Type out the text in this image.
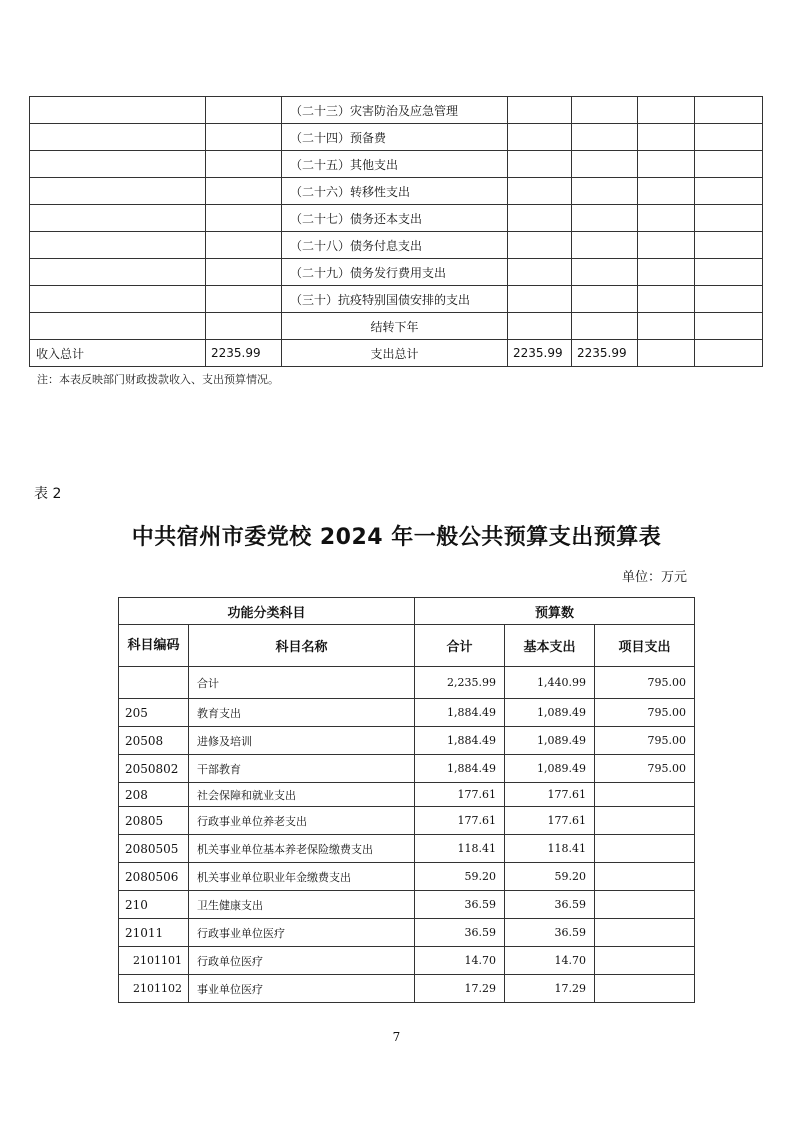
		（二十三）灾害防治及应急管理				
		（二十四）预备费				
		（二十五）其他支出				
		（二十六）转移性支出				
		（二十七）债务还本支出				
		（二十八）债务付息支出				
		（二十九）债务发行费用支出				
		（三十）抗疫特别国债安排的支出				
		结转下年				
收入总计	2235.99	支出总计	2235.99	2235.99		
注：本表反映部门财政拨款收入、支出预算情况。
表 2
中共宿州市委党校 2024 年一般公共预算支出预算表
单位：万元
功能分类科目		预算数		
科目编码	科目名称	合计	基本支出	项目支出
	合计	2,235.99	1,440.99	795.00
205	教育支出	1,884.49	1,089.49	795.00
20508	进修及培训	1,884.49	1,089.49	795.00
2050802	干部教育	1,884.49	1,089.49	795.00
208	社会保障和就业支出	177.61	177.61	
20805	行政事业单位养老支出	177.61	177.61	
2080505	机关事业单位基本养老保险缴费支出	118.41	118.41	
2080506	机关事业单位职业年金缴费支出	59.20	59.20	
210	卫生健康支出	36.59	36.59	
21011	行政事业单位医疗	36.59	36.59	
2101101	行政单位医疗	14.70	14.70	
2101102	事业单位医疗	17.29	17.29	
7
